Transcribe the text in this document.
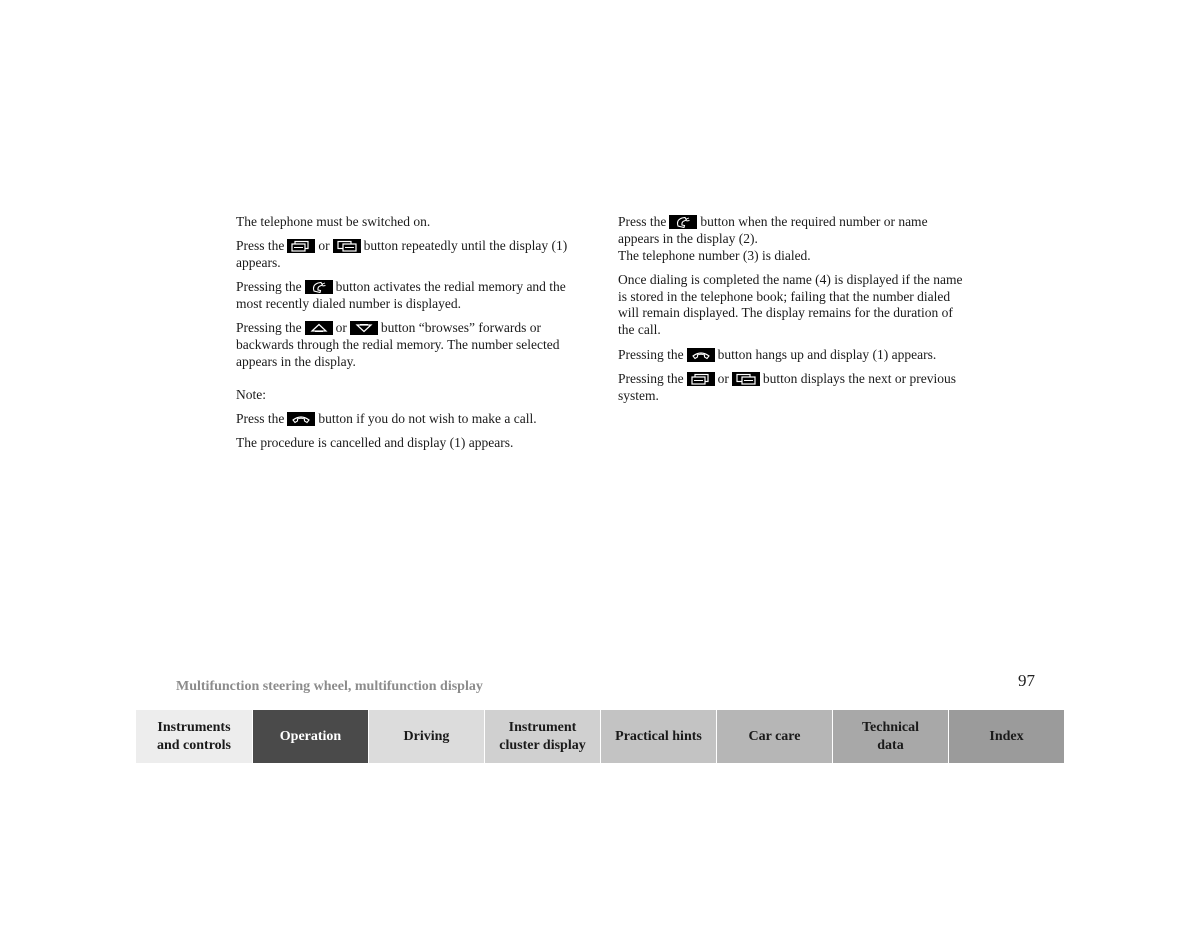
The telephone must be switched on.

Press the	or	button repeatedly until the display (1) appears.

Pressing the	button activates the redial memory and the most recently dialed number is displayed.

Pressing the	or	button “browses” forwards or backwards through the redial memory. The number selected appears in the display.

Note:

Press the	button if you do not wish to make a call.

The procedure is cancelled and display (1) appears.

Press the	button when the required number or name appears in the display (2).

The telephone number (3) is dialed.

Once dialing is completed the name (4) is displayed if the name is stored in the telephone book; failing that the number dialed will remain displayed. The display remains for the duration of the call.

Pressing the	button hangs up and display (1) appears.

Pressing the	or	button displays the next or previous system.

Multifunction steering wheel, multifunction display	97
Instruments
and controls
Operation	Driving
Instrument
cluster display
Practical hints	Car care
Technical
data
Index
